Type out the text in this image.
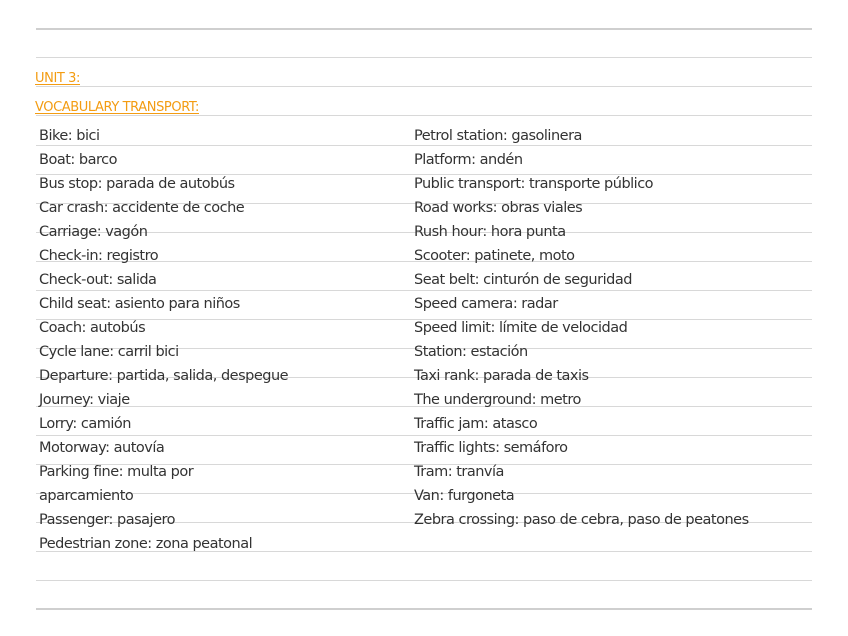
UNIT 3:
VOCABULARY TRANSPORT:
Bike: bici
Boat: barco
Bus stop: parada de autobús
Car crash: accidente de coche
Carriage: vagón
Check-in: registro
Check-out: salida
Child seat: asiento para niños
Coach: autobús
Cycle lane: carril bici
Departure: partida, salida, despegue
Journey: viaje
Lorry: camión
Motorway: autovía
Parking fine: multa por
aparcamiento
Passenger: pasajero
Pedestrian zone: zona peatonal
Petrol station: gasolinera
Platform: andén
Public transport: transporte público
Road works: obras viales
Rush hour: hora punta
Scooter: patinete, moto
Seat belt: cinturón de seguridad
Speed camera: radar
Speed limit: límite de velocidad
Station: estación
Taxi rank: parada de taxis
The underground: metro
Traffic jam: atasco
Traffic lights: semáforo
Tram: tranvía
Van: furgoneta
Zebra crossing: paso de cebra, paso de peatones
